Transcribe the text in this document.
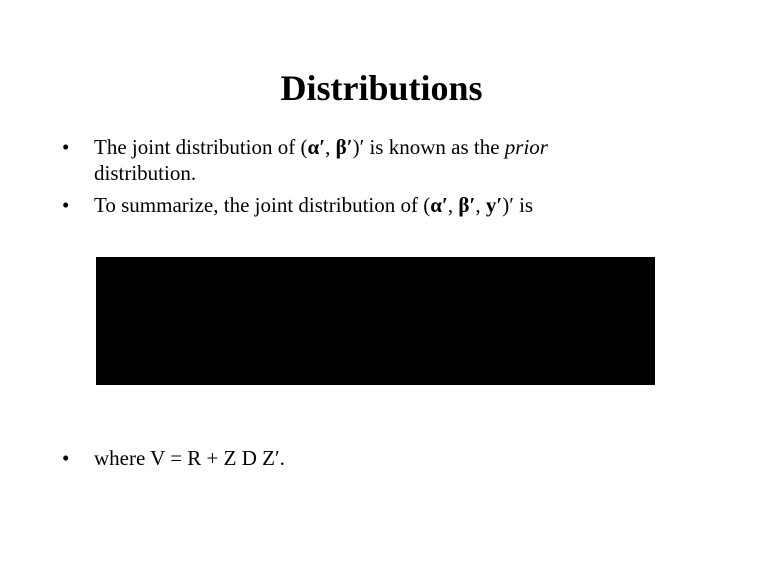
Distributions
•	The joint distribution of (α′, β′)′ is known as the prior distribution.
•	To summarize, the joint distribution of (α′, β′, y′)′ is
•	where V = R + Z D Z′.
